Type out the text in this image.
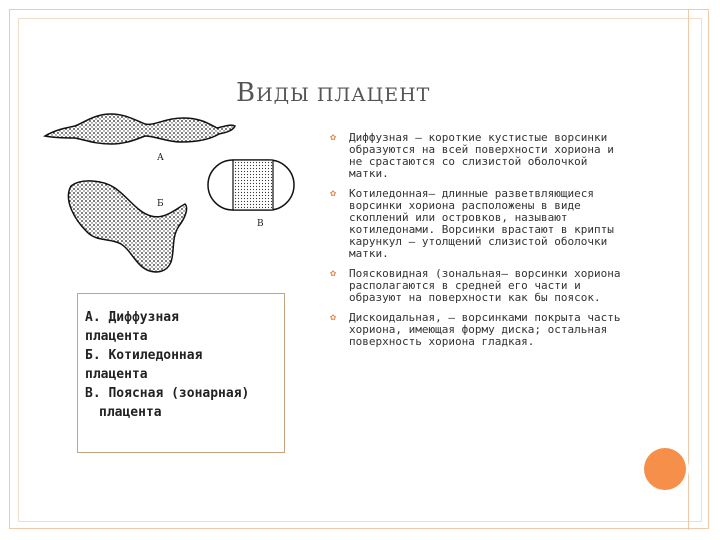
ВИДЫ ПЛАЦЕНТ
А
Б
В
А. Диффузная
плацента
Б. Котиледонная
плацента
В. Поясная (зонарная)
плацента
✿	Диффузная — короткие кустистые ворсинки образуются на всей поверхности хориона и не срастаются со слизистой оболочкой матки.
✿	Котиледонная— длинные разветвляющиеся ворсинки хориона расположены в виде скоплений или островков, называют котиледонами. Ворсинки врастают в крипты карункул — утолщений слизистой оболочки матки.
✿	Поясковидная (зональная— ворсинки хориона располагаются в средней его части и образуют на поверхности как бы поясок.
✿	Дискоидальная, — ворсинками покрыта часть хориона, имеющая форму диска; остальная поверхность хориона гладкая.
